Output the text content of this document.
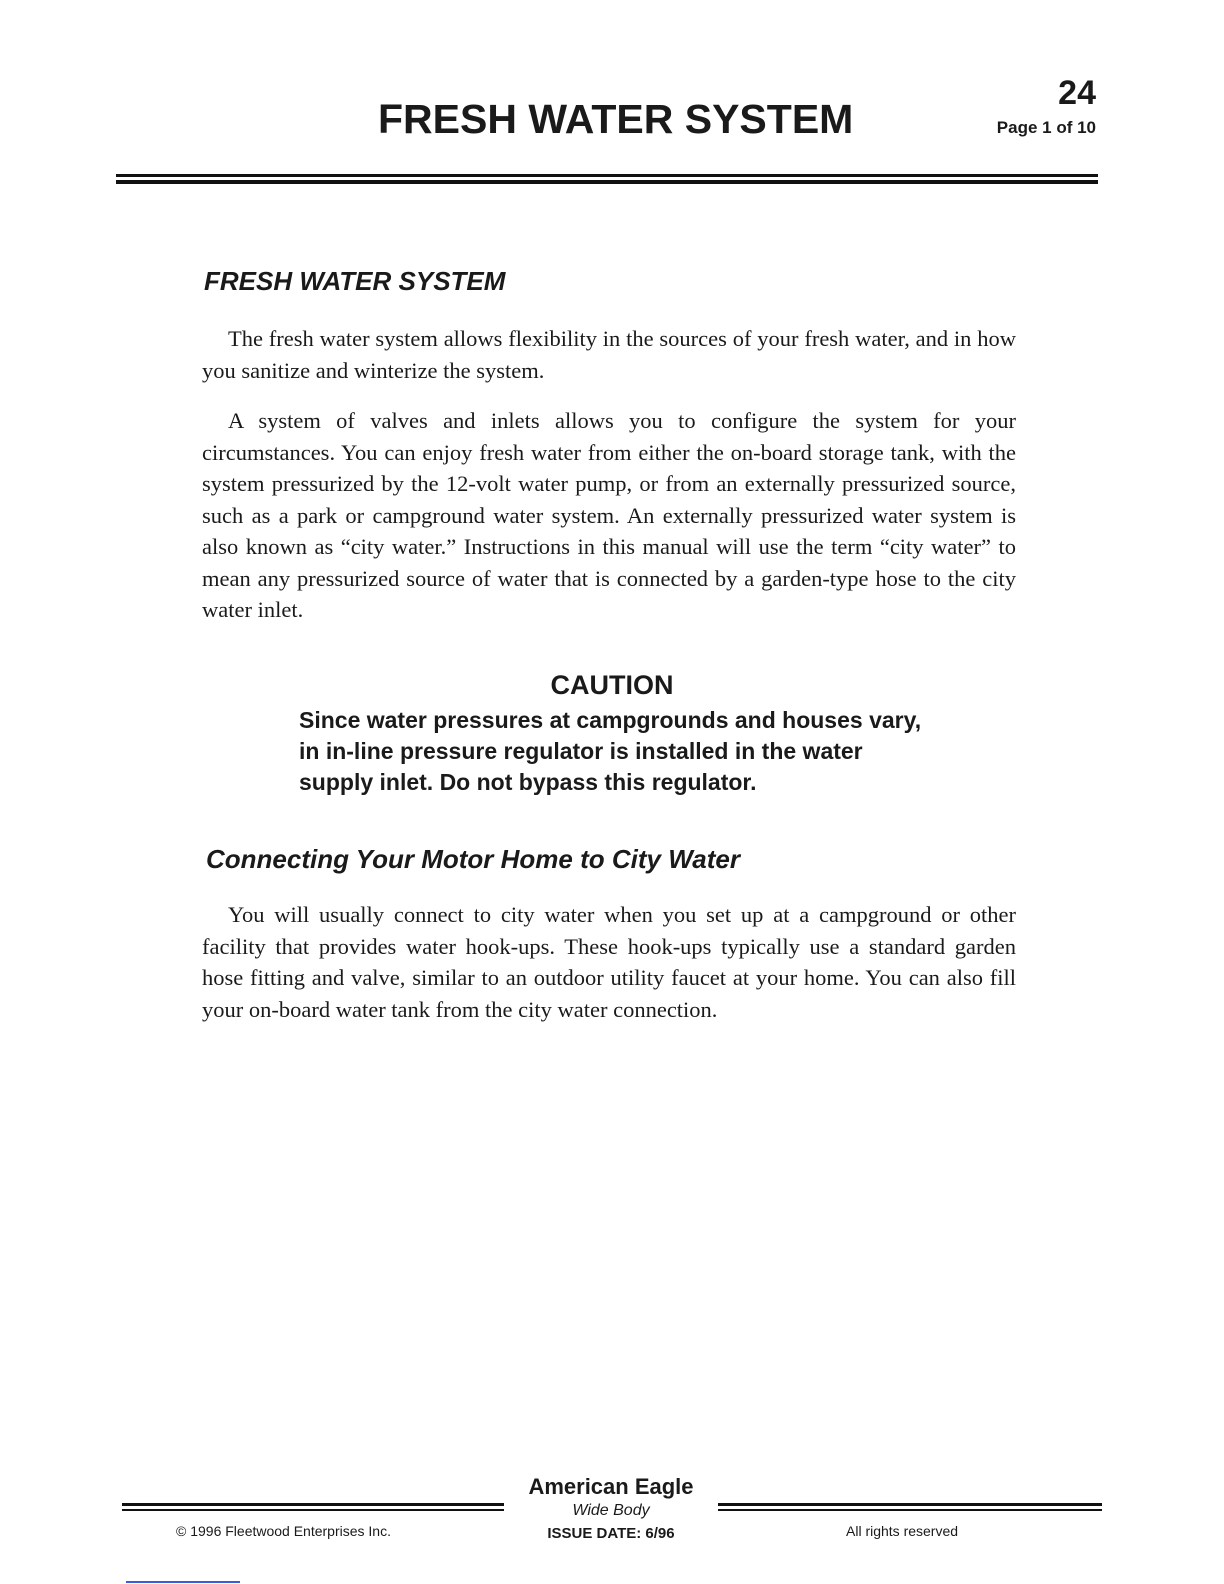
FRESH WATER SYSTEM
24
Page 1 of 10
FRESH WATER SYSTEM

The fresh water system allows flexibility in the sources of your fresh water, and in how you sanitize and winterize the system.

A system of valves and inlets allows you to configure the system for your circumstances. You can enjoy fresh water from either the on-board storage tank, with the system pressurized by the 12-volt water pump, or from an externally pressurized source, such as a park or campground water system. An externally pressurized water system is also known as “city water.” Instructions in this manual will use the term “city water” to mean any pressurized source of water that is connected by a garden-type hose to the city water inlet.

CAUTION

Since water pressures at campgrounds and houses vary, in in-line pressure regulator is installed in the water supply inlet. Do not bypass this regulator.

Connecting Your Motor Home to City Water

You will usually connect to city water when you set up at a campground or other facility that provides water hook-ups. These hook-ups typically use a standard garden hose fitting and valve, similar to an outdoor utility faucet at your home. You can also fill your on-board water tank from the city water connection.

American Eagle
Wide Body
ISSUE DATE: 6/96
© 1996 Fleetwood Enterprises Inc.	All rights reserved
